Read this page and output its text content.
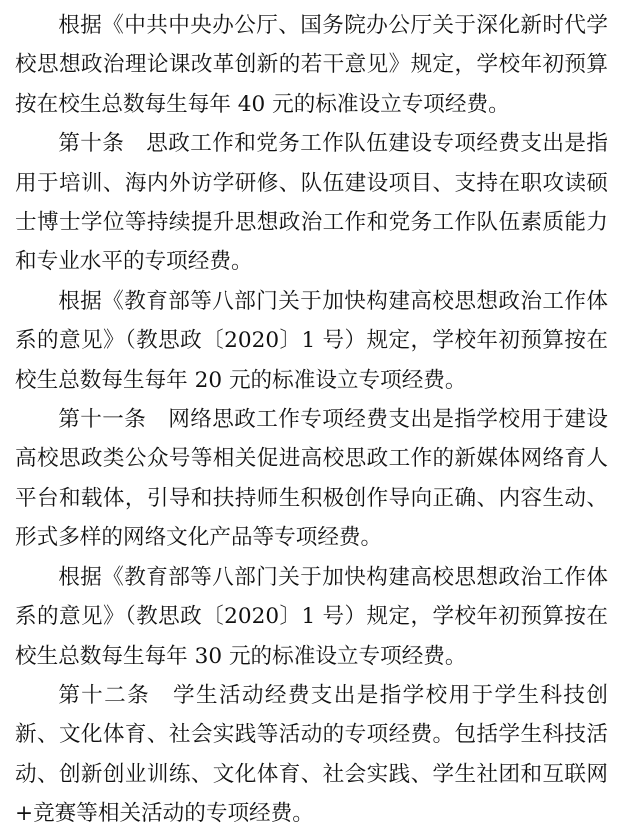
根据《中共中央办公厅、国务院办公厅关于深化新时代学校思想政治理论课改革创新的若干意见》规定，学校年初预算按在校生总数每生每年 40 元的标准设立专项经费。

第十条　思政工作和党务工作队伍建设专项经费支出是指用于培训、海内外访学研修、队伍建设项目、支持在职攻读硕士博士学位等持续提升思想政治工作和党务工作队伍素质能力和专业水平的专项经费。

根据《教育部等八部门关于加快构建高校思想政治工作体系的意见》（教思政〔2020〕1 号）规定，学校年初预算按在校生总数每生每年 20 元的标准设立专项经费。

第十一条　网络思政工作专项经费支出是指学校用于建设高校思政类公众号等相关促进高校思政工作的新媒体网络育人平台和载体，引导和扶持师生积极创作导向正确、内容生动、形式多样的网络文化产品等专项经费。

根据《教育部等八部门关于加快构建高校思想政治工作体系的意见》（教思政〔2020〕1 号）规定，学校年初预算按在校生总数每生每年 30 元的标准设立专项经费。

第十二条　学生活动经费支出是指学校用于学生科技创新、文化体育、社会实践等活动的专项经费。包括学生科技活动、创新创业训练、文化体育、社会实践、学生社团和互联网+竞赛等相关活动的专项经费。
